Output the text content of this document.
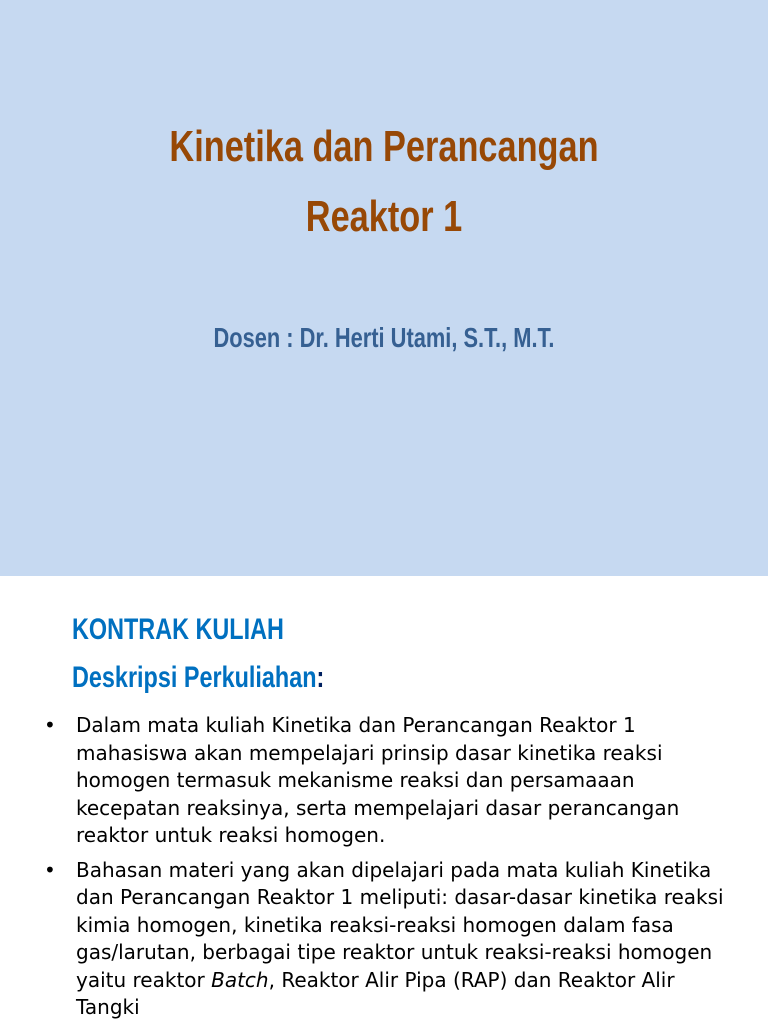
Kinetika dan Perancangan
Reaktor 1
Dosen : Dr. Herti Utami, S.T., M.T.
KONTRAK KULIAH
Deskripsi Perkuliahan:
•	Dalam mata kuliah Kinetika dan Perancangan Reaktor 1 mahasiswa akan mempelajari prinsip dasar kinetika reaksi homogen termasuk mekanisme reaksi dan persamaaan kecepatan reaksinya, serta mempelajari dasar perancangan reaktor untuk reaksi homogen.
•	Bahasan materi yang akan dipelajari pada mata kuliah Kinetika dan Perancangan Reaktor 1 meliputi: dasar-dasar kinetika reaksi kimia homogen, kinetika reaksi-reaksi homogen dalam fasa gas/larutan, berbagai tipe reaktor untuk reaksi-reaksi homogen yaitu reaktor Batch, Reaktor Alir Pipa (RAP) dan Reaktor Alir Tangki
